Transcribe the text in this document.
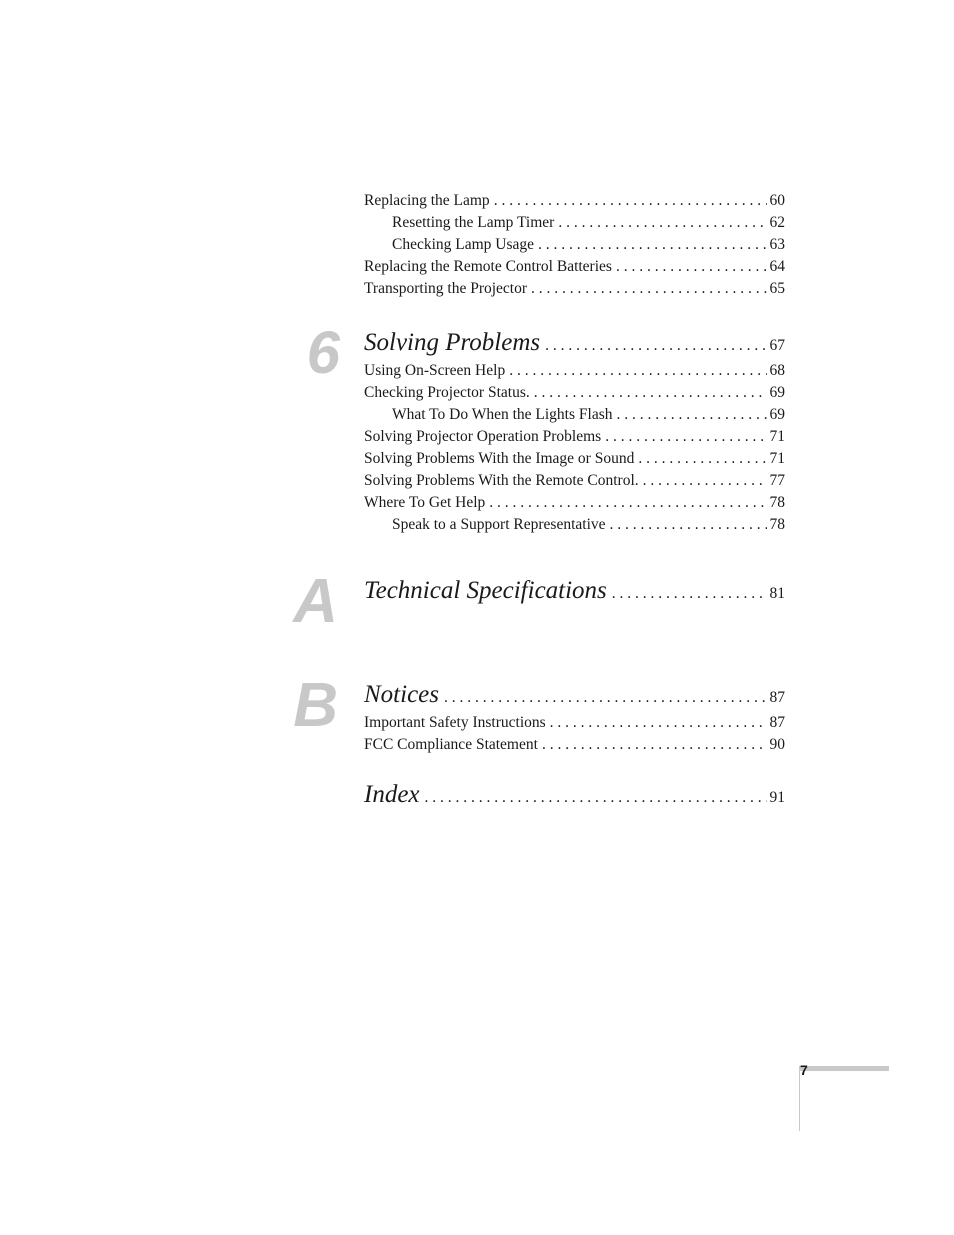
Replacing the Lamp . . .	60
Resetting the Lamp Timer . . .	62
Checking Lamp Usage . . .	63
Replacing the Remote Control Batteries . . .	64
Transporting the Projector . . .	65
6 Solving Problems . . .	67
Using On-Screen Help . . .	68
Checking Projector Status. . . .	69
What To Do When the Lights Flash . . .	69
Solving Projector Operation Problems . . .	71
Solving Problems With the Image or Sound . . .	71
Solving Problems With the Remote Control. . . .	77
Where To Get Help . . .	78
Speak to a Support Representative . . .	78
A Technical Specifications . . .	81
B Notices . . .	87
Important Safety Instructions . . .	87
FCC Compliance Statement . . .	90
Index . . .	91
7
